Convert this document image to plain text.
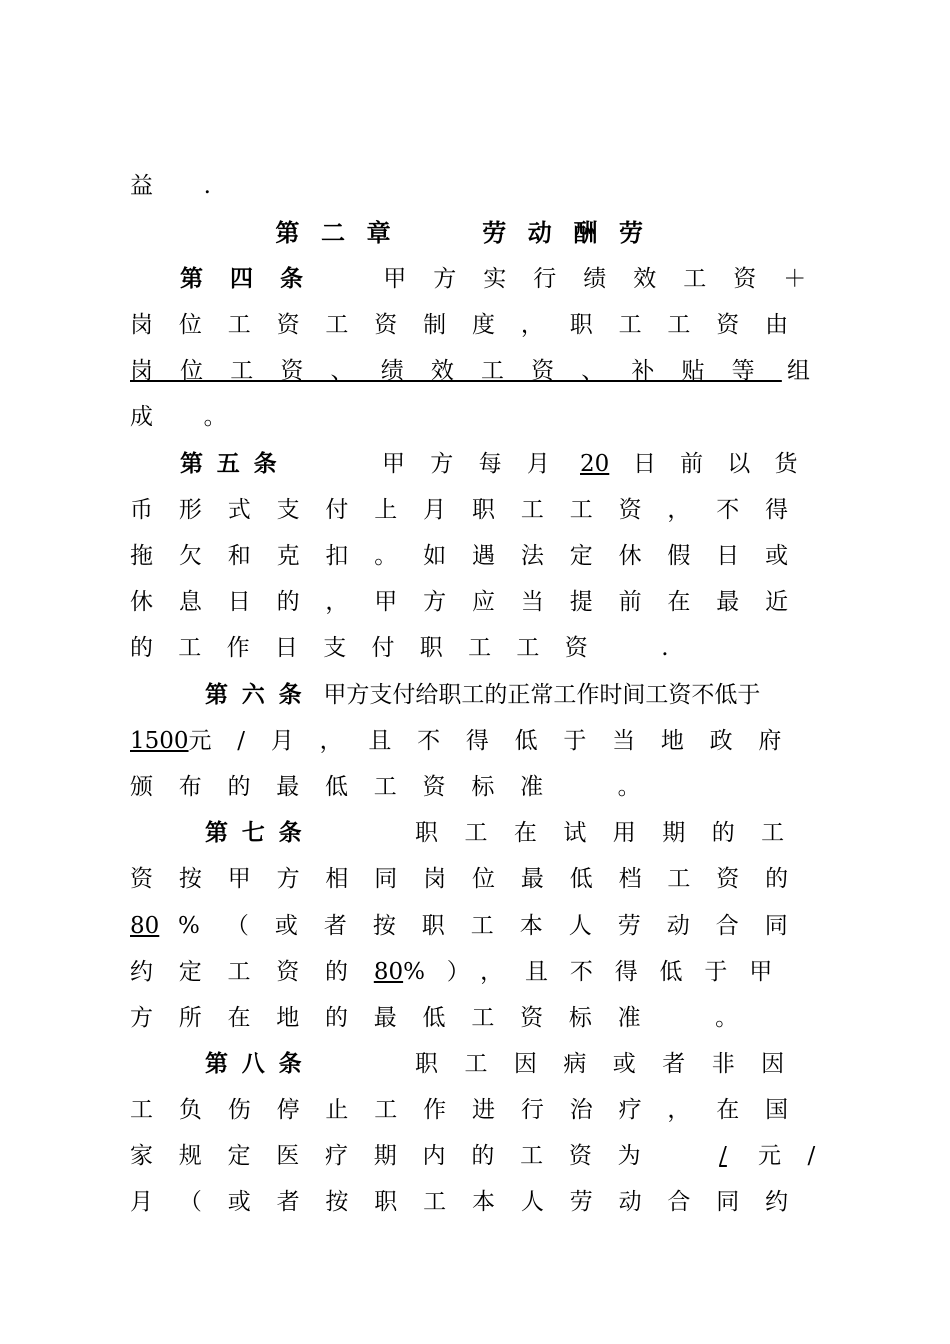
益　.
第二章	劳动酬劳
第四条 甲方实行绩效工资＋
岗位工资工资制度，职工工资由
岗位工资、绩效工资、补贴等 组
成　。
第五条	甲方每月 20	日前以货
币形式支付上月职工工资，不得
拖欠和克扣。如遇法定休假日或
休息日的，甲方应当提前在最近
的工作日支付职工工资　.
第六条 甲方支付给职工的正常工作时间工资不低于
1500元/月，且不得低于当地政府
颁布的最低工资标准　。
第七条	职工在试用期的工
资按甲方相同岗位最低档工资的
80 %（或者按职工本人劳动合同
约定工资的80%），且不得低于甲
方所在地的最低工资标准　。
第八条	职工因病或者非因
工负伤停止工作进行治疗，在国
家规定医疗期内的工资为	/	元/
月（或者按职工本人劳动合同约
